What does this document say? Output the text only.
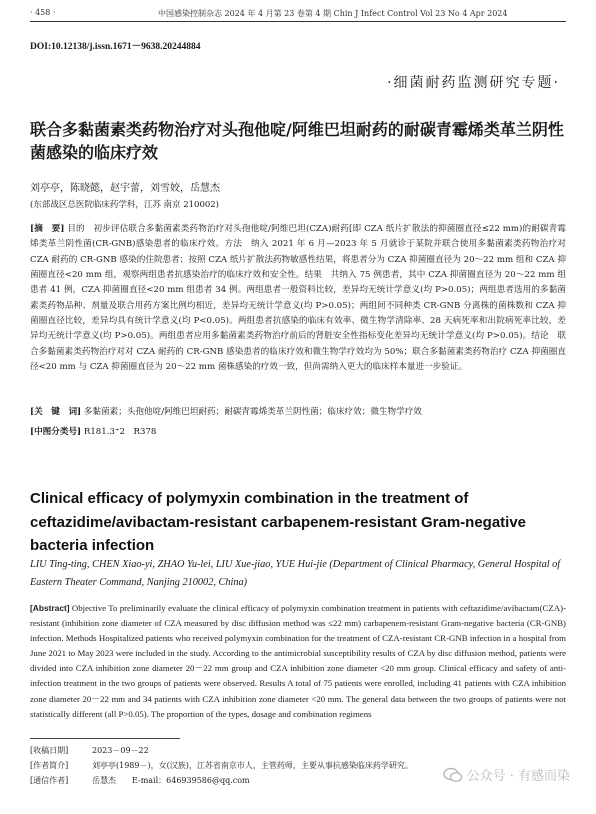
· 458 ·	中国感染控制杂志 2024 年 4 月第 23 卷第 4 期 Chin J Infect Control Vol 23 No 4 Apr 2024
DOI:10.12138/j.issn.1671－9638.20244884
·细菌耐药监测研究专题·
联合多黏菌素类药物治疗对头孢他啶/阿维巴坦耐药的耐碳青霉烯类革兰阴性菌感染的临床疗效
刘亭亭，陈晓懿，赵宇蕾，刘雪姣，岳慧杰
(东部战区总医院临床药学科，江苏 南京 210002)
[摘　要] 目的　初步评估联合多黏菌素类药物治疗对头孢他啶/阿维巴坦(CZA)耐药[即 CZA 纸片扩散法的抑菌圈直径≤22 mm)的耐碳青霉烯类革兰阴性菌(CR-GNB)感染患者的临床疗效。方法　纳入 2021 年 6 月—2023 年 5 月就诊于某院并联合使用多黏菌素类药物治疗对 CZA 耐药的 CR-GNB 感染的住院患者；按照 CZA 纸片扩散法药物敏感性结果，将患者分为 CZA 抑菌圈直径为 20～22 mm 组和 CZA 抑菌圈直径<20 mm 组，观察两组患者抗感染治疗的临床疗效和安全性。结果　共纳入 75 例患者，其中 CZA 抑菌圈直径为 20～22 mm 组患者 41 例，CZA 抑菌圈直径<20 mm 组患者 34 例。两组患者一般资料比较，差异均无统计学意义(均 P>0.05)；两组患者选用的多黏菌素类药物品种、剂量及联合用药方案比例均相近，差异均无统计学意义(均 P>0.05)；两组间不同种类 CR-GNB 分离株的菌株数和 CZA 抑菌圈直径比较，差异均具有统计学意义(均 P<0.05)。两组患者抗感染的临床有效率、微生物学清除率、28 天病死率和出院病死率比较，差异均无统计学意义(均 P>0.05)。两组患者应用多黏菌素类药物治疗前后的肾脏安全性指标变化差异均无统计学意义(均 P>0.05)。结论　联合多黏菌素类药物治疗对对 CZA 耐药的 CR-GNB 感染患者的临床疗效和微生物学疗效均为 50%；联合多黏菌素类药物治疗 CZA 抑菌圈直径<20 mm 与 CZA 抑菌圈直径为 20～22 mm 菌株感染的疗效一致，但尚需纳入更大的临床样本量进一步验证。
[关　键　词] 多黏菌素；头孢他啶/阿维巴坦耐药；耐碳青霉烯类革兰阴性菌；临床疗效；微生物学疗效
[中图分类号] R181.3⁺2　R378
Clinical efficacy of polymyxin combination in the treatment of ceftazidime/avibactam-resistant carbapenem-resistant Gram-negative bacteria infection
LIU Ting-ting, CHEN Xiao-yi, ZHAO Yu-lei, LIU Xue-jiao, YUE Hui-jie (Department of Clinical Pharmacy, General Hospital of Eastern Theater Command, Nanjing 210002, China)
[Abstract] Objective To preliminarily evaluate the clinical efficacy of polymyxin combination treatment in patients with ceftazidime/avibactam(CZA)-resistant (inhibition zone diameter of CZA measured by disc diffusion method was ≤22 mm) carbapenem-resistant Gram-negative bacteria (CR-GNB) infection. Methods Hospitalized patients who received polymyxin combination for the treatment of CZA-resistant CR-GNB infection in a hospital from June 2021 to May 2023 were included in the study. According to the antimicrobial susceptibility results of CZA by disc diffusion method, patients were divided into CZA inhibition zone diameter 20－22 mm group and CZA inhibition zone diameter <20 mm group. Clinical efficacy and safety of anti-infection treatment in the two groups of patients were observed. Results A total of 75 patients were enrolled, including 41 patients with CZA inhibition zone diameter 20－22 mm and 34 patients with CZA inhibition zone diameter <20 mm. The general data between the two groups of patients were not statistically different (all P>0.05). The proportion of the types, dosage and combination regimens
[收稿日期]	2023－09－22
[作者简介]	刘亭亭(1989－)，女(汉族)，江苏省南京市人，主管药师，主要从事抗感染临床药学研究。
[通信作者]	岳慧杰　　E-mail：646939586@qq.com	公众号 · 有感而染
